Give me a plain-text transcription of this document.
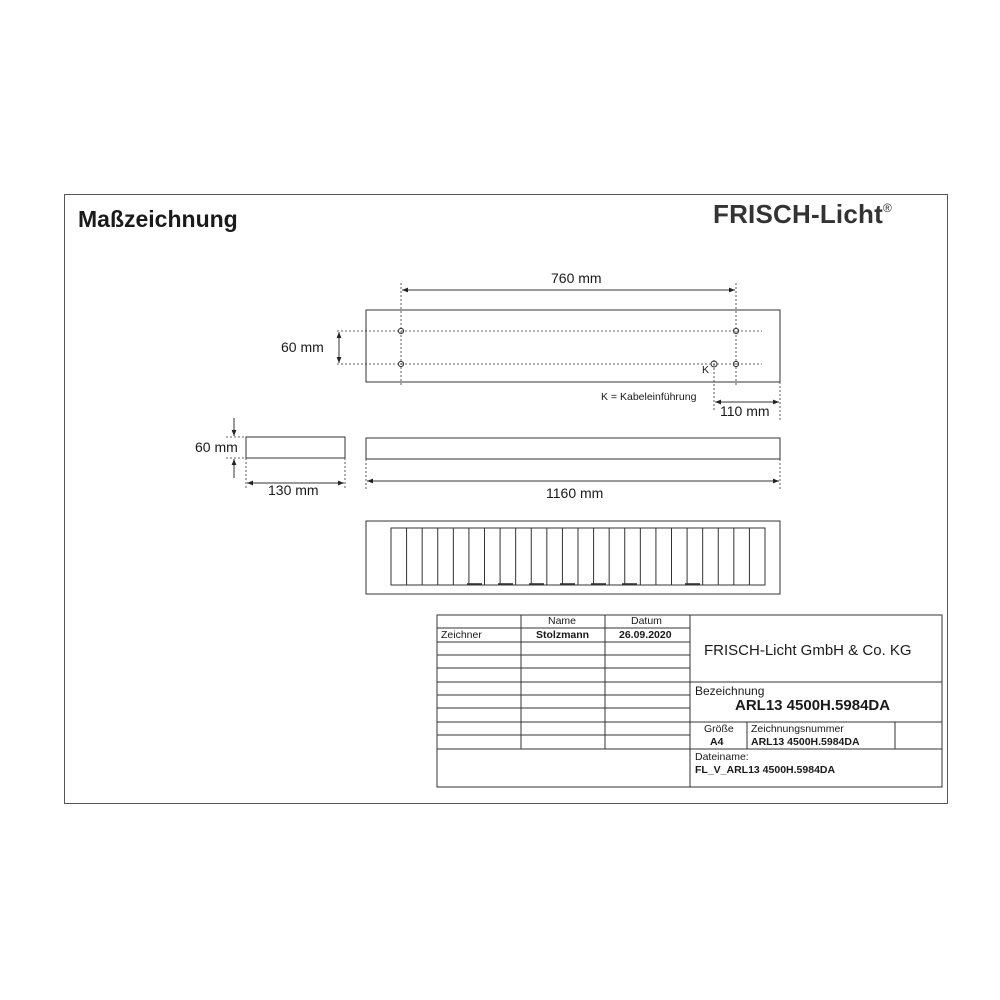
Maßzeichnung	FRISCH-Licht®
760 mm
60 mm
K
K = Kabeleinführung
110 mm
60 mm
130 mm	1160 mm
Name	Datum
Zeichner	Stolzmann	26.09.2020
FRISCH-Licht GmbH & Co. KG
Bezeichnung
ARL13 4500H.5984DA
Größe
A4
Zeichnungsnummer
ARL13 4500H.5984DA
Dateiname:
FL_V_ARL13 4500H.5984DA
